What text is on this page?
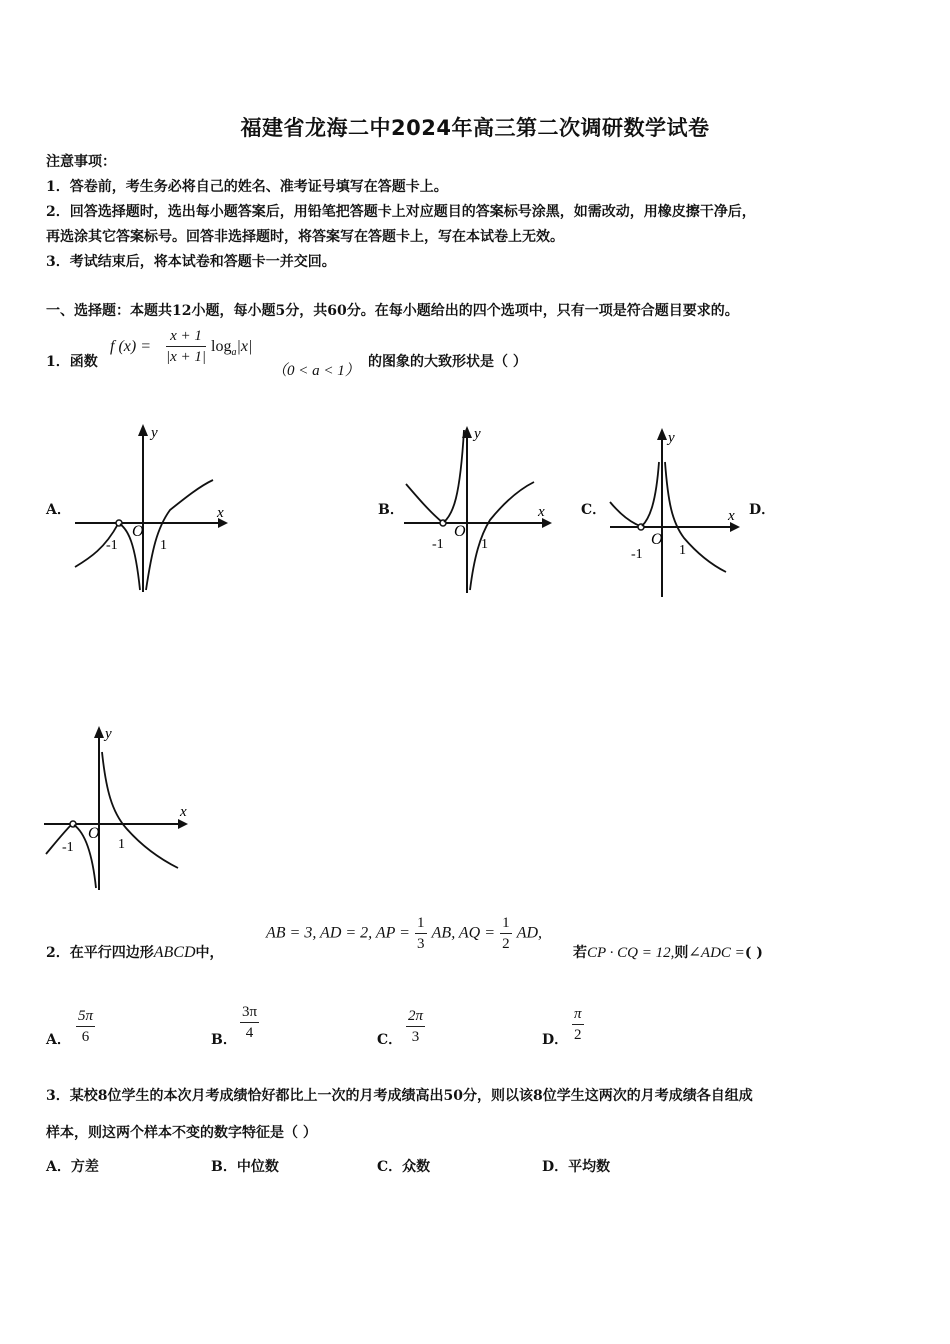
福建省龙海二中2024年高三第二次调研数学试卷
注意事项：
1．答卷前，考生务必将自己的姓名、准考证号填写在答题卡上。
2．回答选择题时，选出每小题答案后，用铅笔把答题卡上对应题目的答案标号涂黑，如需改动，用橡皮擦干净后，
再选涂其它答案标号。回答非选择题时，将答案写在答题卡上，写在本试卷上无效。
3．考试结束后，将本试卷和答题卡一并交回。
一、选择题：本题共12小题，每小题5分，共60分。在每小题给出的四个选项中，只有一项是符合题目要求的。
1．函数
f $(x) = \frac{x + 1}{|x + 1|} \log_a|x|$
（0 < a < 1）
的图象的大致形状是（ ）
A．	B．	C．	D．
x
y
-1	1
O
x
y
-1	1
O
x
y
-1	1
O
x
y
-1	1
O
2．在平行四边形ABCD中，
AB = 3, AD = 2, AP = $\frac{1}{3}$ AB, AQ = $\frac{1}{2}$ AD,
若CP · CQ = 12,则∠ADC =( )
A． $\frac{5\pi}{6}$	B． $\frac{3\pi}{4}$	C． $\frac{2\pi}{3}$	D． $\frac{\pi}{2}$
3．某校8位学生的本次月考成绩恰好都比上一次的月考成绩高出50分，则以该8位学生这两次的月考成绩各自组成
样本，则这两个样本不变的数字特征是（ ）
A．方差	B．中位数	C．众数	D．平均数
